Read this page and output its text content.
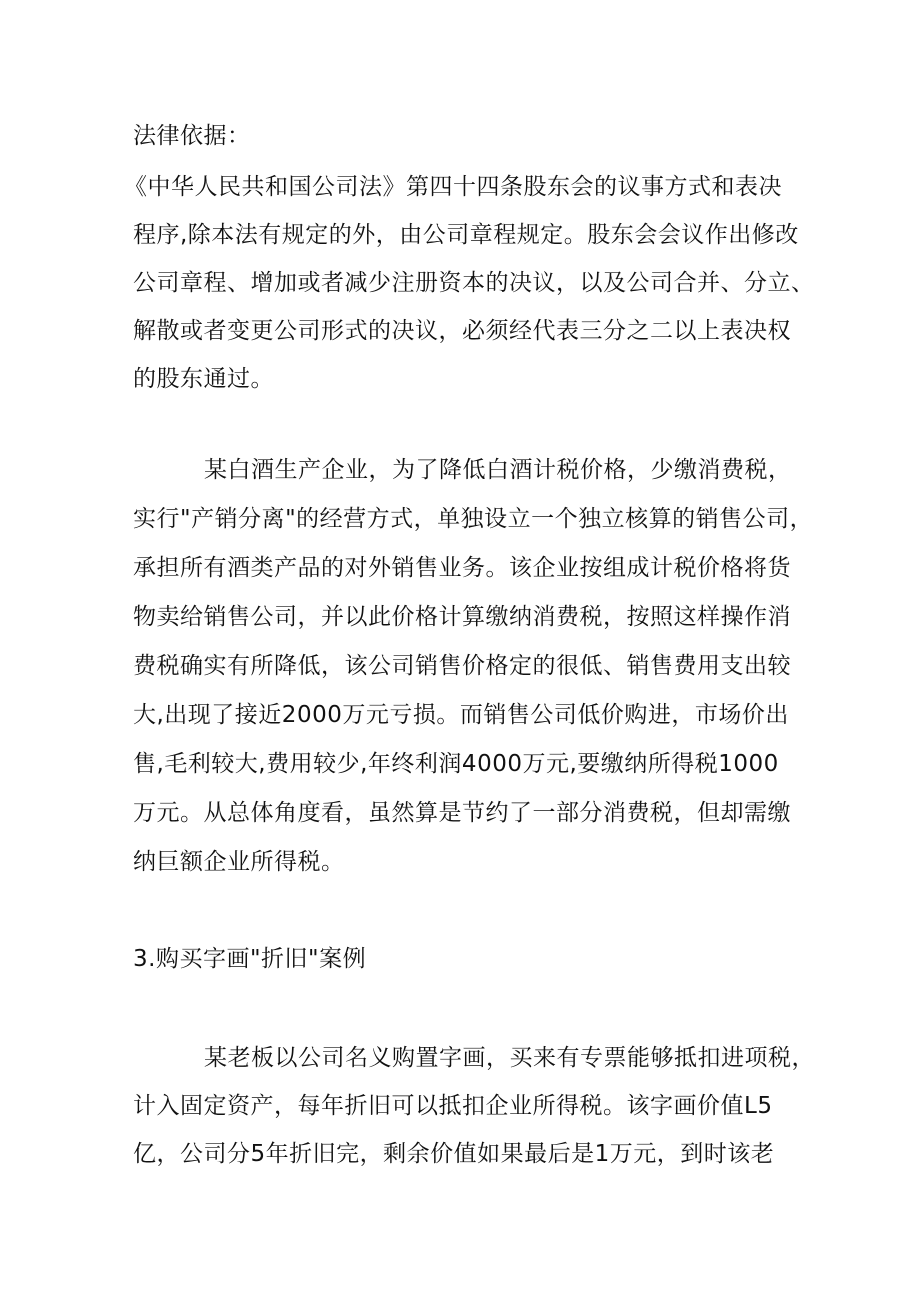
法律依据：
《中华人民共和国公司法》第四十四条股东会的议事方式和表决
程序,除本法有规定的外，由公司章程规定。股东会会议作出修改
公司章程、增加或者减少注册资本的决议，以及公司合并、分立、
解散或者变更公司形式的决议，必须经代表三分之二以上表决权
的股东通过。
某白酒生产企业，为了降低白酒计税价格，少缴消费税，
实行"产销分离"的经营方式，单独设立一个独立核算的销售公司，
承担所有酒类产品的对外销售业务。该企业按组成计税价格将货
物卖给销售公司，并以此价格计算缴纳消费税，按照这样操作消
费税确实有所降低，该公司销售价格定的很低、销售费用支出较
大,出现了接近2000万元亏损。而销售公司低价购进，市场价出
售,毛利较大,费用较少,年终利润4000万元,要缴纳所得税1000
万元。从总体角度看，虽然算是节约了一部分消费税，但却需缴
纳巨额企业所得税。
3.购买字画"折旧"案例
某老板以公司名义购置字画，买来有专票能够抵扣进项税，
计入固定资产，每年折旧可以抵扣企业所得税。该字画价值L5
亿，公司分5年折旧完，剩余价值如果最后是1万元，到时该老
